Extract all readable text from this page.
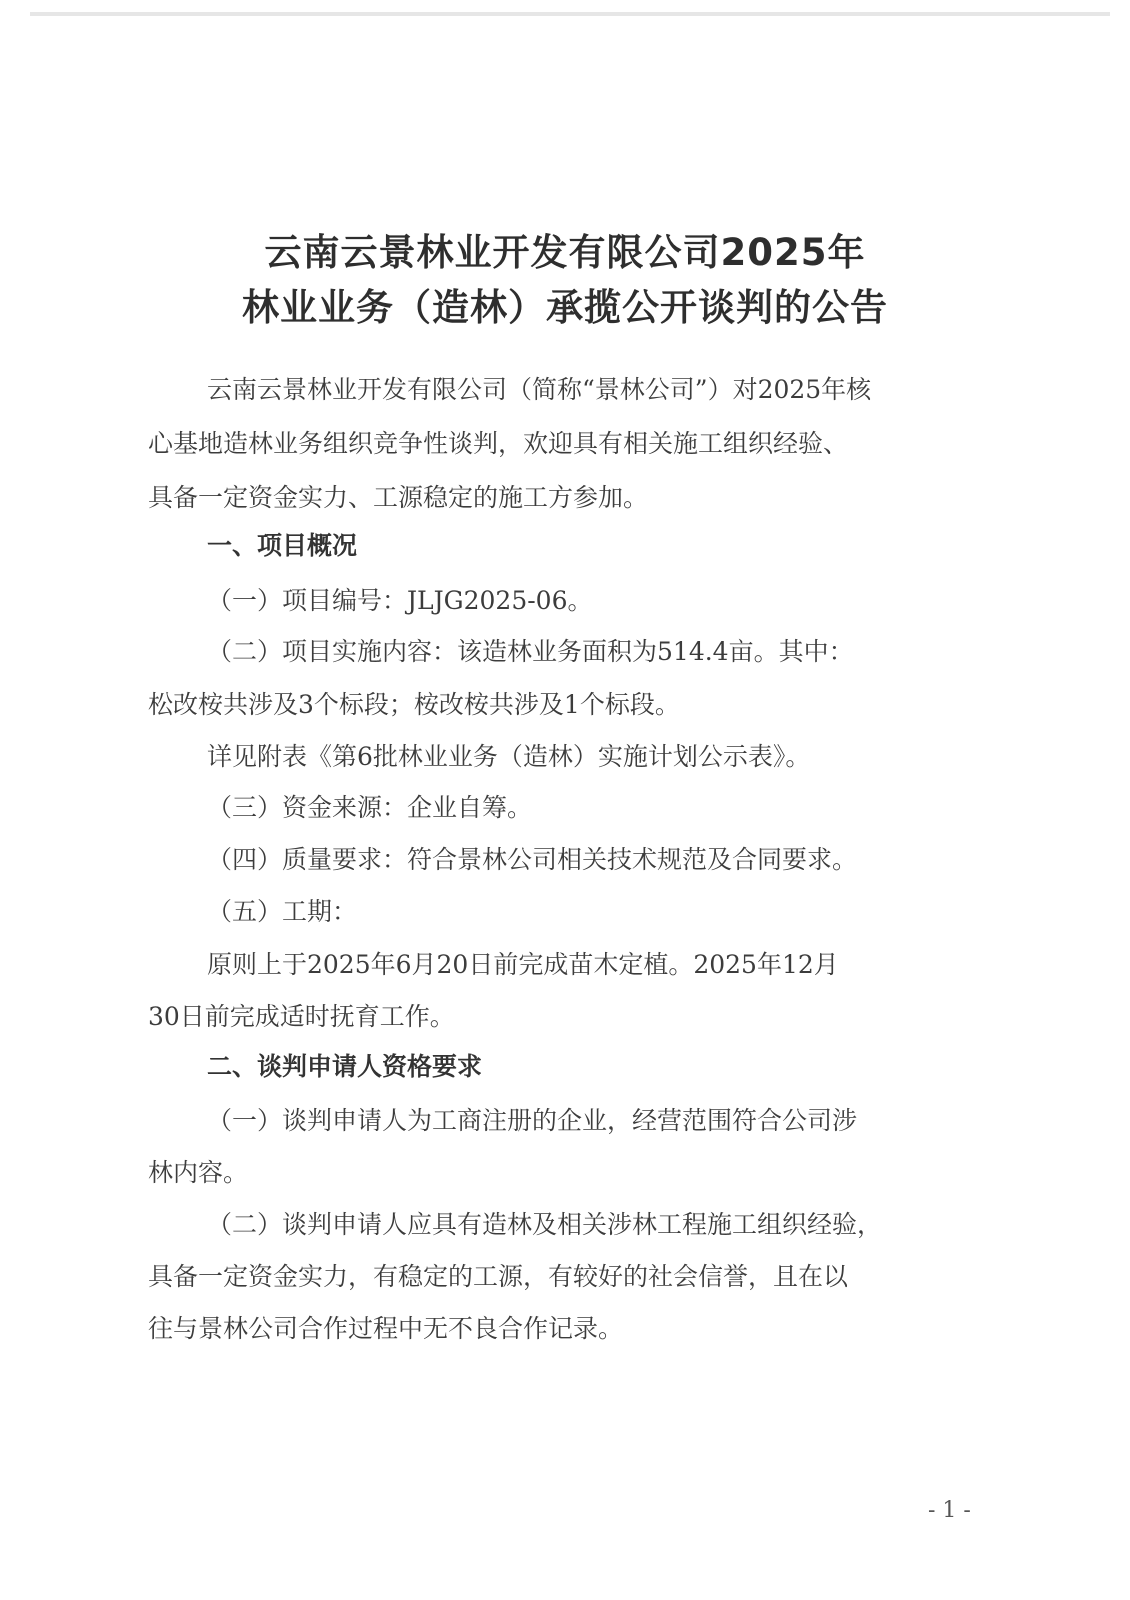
云南云景林业开发有限公司2025年
林业业务（造林）承揽公开谈判的公告
云南云景林业开发有限公司（简称“景林公司”）对2025年核
心基地造林业务组织竞争性谈判，欢迎具有相关施工组织经验、
具备一定资金实力、工源稳定的施工方参加。
一、项目概况
（一）项目编号：JLJG2025-06。
（二）项目实施内容：该造林业务面积为514.4亩。其中：
松改桉共涉及3个标段；桉改桉共涉及1个标段。
详见附表《第6批林业业务（造林）实施计划公示表》。
（三）资金来源：企业自筹。
（四）质量要求：符合景林公司相关技术规范及合同要求。
（五）工期：
原则上于2025年6月20日前完成苗木定植。2025年12月
30日前完成适时抚育工作。
二、谈判申请人资格要求
（一）谈判申请人为工商注册的企业，经营范围符合公司涉
林内容。
（二）谈判申请人应具有造林及相关涉林工程施工组织经验，
具备一定资金实力，有稳定的工源，有较好的社会信誉，且在以
往与景林公司合作过程中无不良合作记录。
- 1 -
